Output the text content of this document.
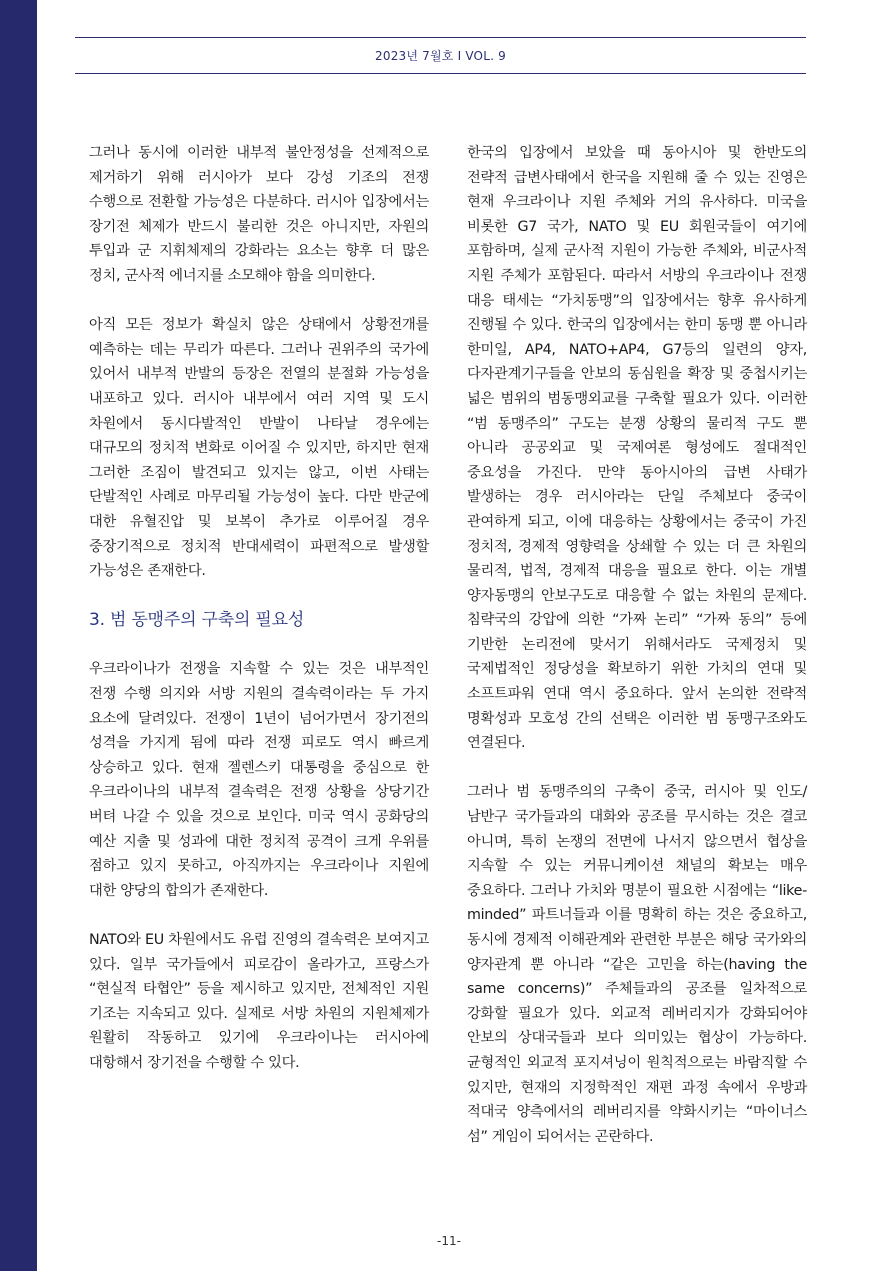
2023년 7월호 I VOL. 9

그러나 동시에 이러한 내부적 불안정성을 선제적으로 제거하기 위해 러시아가 보다 강성 기조의 전쟁 수행으로 전환할 가능성은 다분하다. 러시아 입장에서는 장기전 체제가 반드시 불리한 것은 아니지만, 자원의 투입과 군 지휘체제의 강화라는 요소는 향후 더 많은 정치, 군사적 에너지를 소모해야 함을 의미한다.

아직 모든 정보가 확실치 않은 상태에서 상황전개를 예측하는 데는 무리가 따른다. 그러나 권위주의 국가에 있어서 내부적 반발의 등장은 전열의 분절화 가능성을 내포하고 있다. 러시아 내부에서 여러 지역 및 도시 차원에서 동시다발적인 반발이 나타날 경우에는 대규모의 정치적 변화로 이어질 수 있지만, 하지만 현재 그러한 조짐이 발견되고 있지는 않고, 이번 사태는 단발적인 사례로 마무리될 가능성이 높다. 다만 반군에 대한 유혈진압 및 보복이 추가로 이루어질 경우 중장기적으로 정치적 반대세력이 파편적으로 발생할 가능성은 존재한다.

3. 범 동맹주의 구축의 필요성

우크라이나가 전쟁을 지속할 수 있는 것은 내부적인 전쟁 수행 의지와 서방 지원의 결속력이라는 두 가지 요소에 달려있다. 전쟁이 1년이 넘어가면서 장기전의 성격을 가지게 됨에 따라 전쟁 피로도 역시 빠르게 상승하고 있다. 현재 젤렌스키 대통령을 중심으로 한 우크라이나의 내부적 결속력은 전쟁 상황을 상당기간 버텨 나갈 수 있을 것으로 보인다. 미국 역시 공화당의 예산 지출 및 성과에 대한 정치적 공격이 크게 우위를 점하고 있지 못하고, 아직까지는 우크라이나 지원에 대한 양당의 합의가 존재한다.

NATO와 EU 차원에서도 유럽 진영의 결속력은 보여지고 있다. 일부 국가들에서 피로감이 올라가고, 프랑스가 “현실적 타협안” 등을 제시하고 있지만, 전체적인 지원 기조는 지속되고 있다. 실제로 서방 차원의 지원체제가 원활히 작동하고 있기에 우크라이나는 러시아에 대항해서 장기전을 수행할 수 있다.

한국의 입장에서 보았을 때 동아시아 및 한반도의 전략적 급변사태에서 한국을 지원해 줄 수 있는 진영은 현재 우크라이나 지원 주체와 거의 유사하다. 미국을 비롯한 G7 국가, NATO 및 EU 회원국들이 여기에 포함하며, 실제 군사적 지원이 가능한 주체와, 비군사적 지원 주체가 포함된다. 따라서 서방의 우크라이나 전쟁 대응 태세는 “가치동맹”의 입장에서는 향후 유사하게 진행될 수 있다. 한국의 입장에서는 한미 동맹 뿐 아니라 한미일, AP4, NATO+AP4, G7등의 일련의 양자, 다자관계기구들을 안보의 동심원을 확장 및 중첩시키는 넓은 범위의 범동맹외교를 구축할 필요가 있다. 이러한 “범 동맹주의” 구도는 분쟁 상황의 물리적 구도 뿐 아니라 공공외교 및 국제여론 형성에도 절대적인 중요성을 가진다. 만약 동아시아의 급변 사태가 발생하는 경우 러시아라는 단일 주체보다 중국이 관여하게 되고, 이에 대응하는 상황에서는 중국이 가진 정치적, 경제적 영향력을 상쇄할 수 있는 더 큰 차원의 물리적, 법적, 경제적 대응을 필요로 한다. 이는 개별 양자동맹의 안보구도로 대응할 수 없는 차원의 문제다. 침략국의 강압에 의한 “가짜 논리” “가짜 동의” 등에 기반한 논리전에 맞서기 위해서라도 국제정치 및 국제법적인 정당성을 확보하기 위한 가치의 연대 및 소프트파워 연대 역시 중요하다. 앞서 논의한 전략적 명확성과 모호성 간의 선택은 이러한 범 동맹구조와도 연결된다.

그러나 범 동맹주의의 구축이 중국, 러시아 및 인도/남반구 국가들과의 대화와 공조를 무시하는 것은 결코 아니며, 특히 논쟁의 전면에 나서지 않으면서 협상을 지속할 수 있는 커뮤니케이션 채널의 확보는 매우 중요하다. 그러나 가치와 명분이 필요한 시점에는 “like-minded” 파트너들과 이를 명확히 하는 것은 중요하고, 동시에 경제적 이해관계와 관련한 부분은 해당 국가와의 양자관계 뿐 아니라 “같은 고민을 하는(having the same concerns)” 주체들과의 공조를 일차적으로 강화할 필요가 있다. 외교적 레버리지가 강화되어야 안보의 상대국들과 보다 의미있는 협상이 가능하다. 균형적인 외교적 포지셔닝이 원칙적으로는 바람직할 수 있지만, 현재의 지정학적인 재편 과정 속에서 우방과 적대국 양측에서의 레버리지를 약화시키는 “마이너스 섬” 게임이 되어서는 곤란하다.

-11-
